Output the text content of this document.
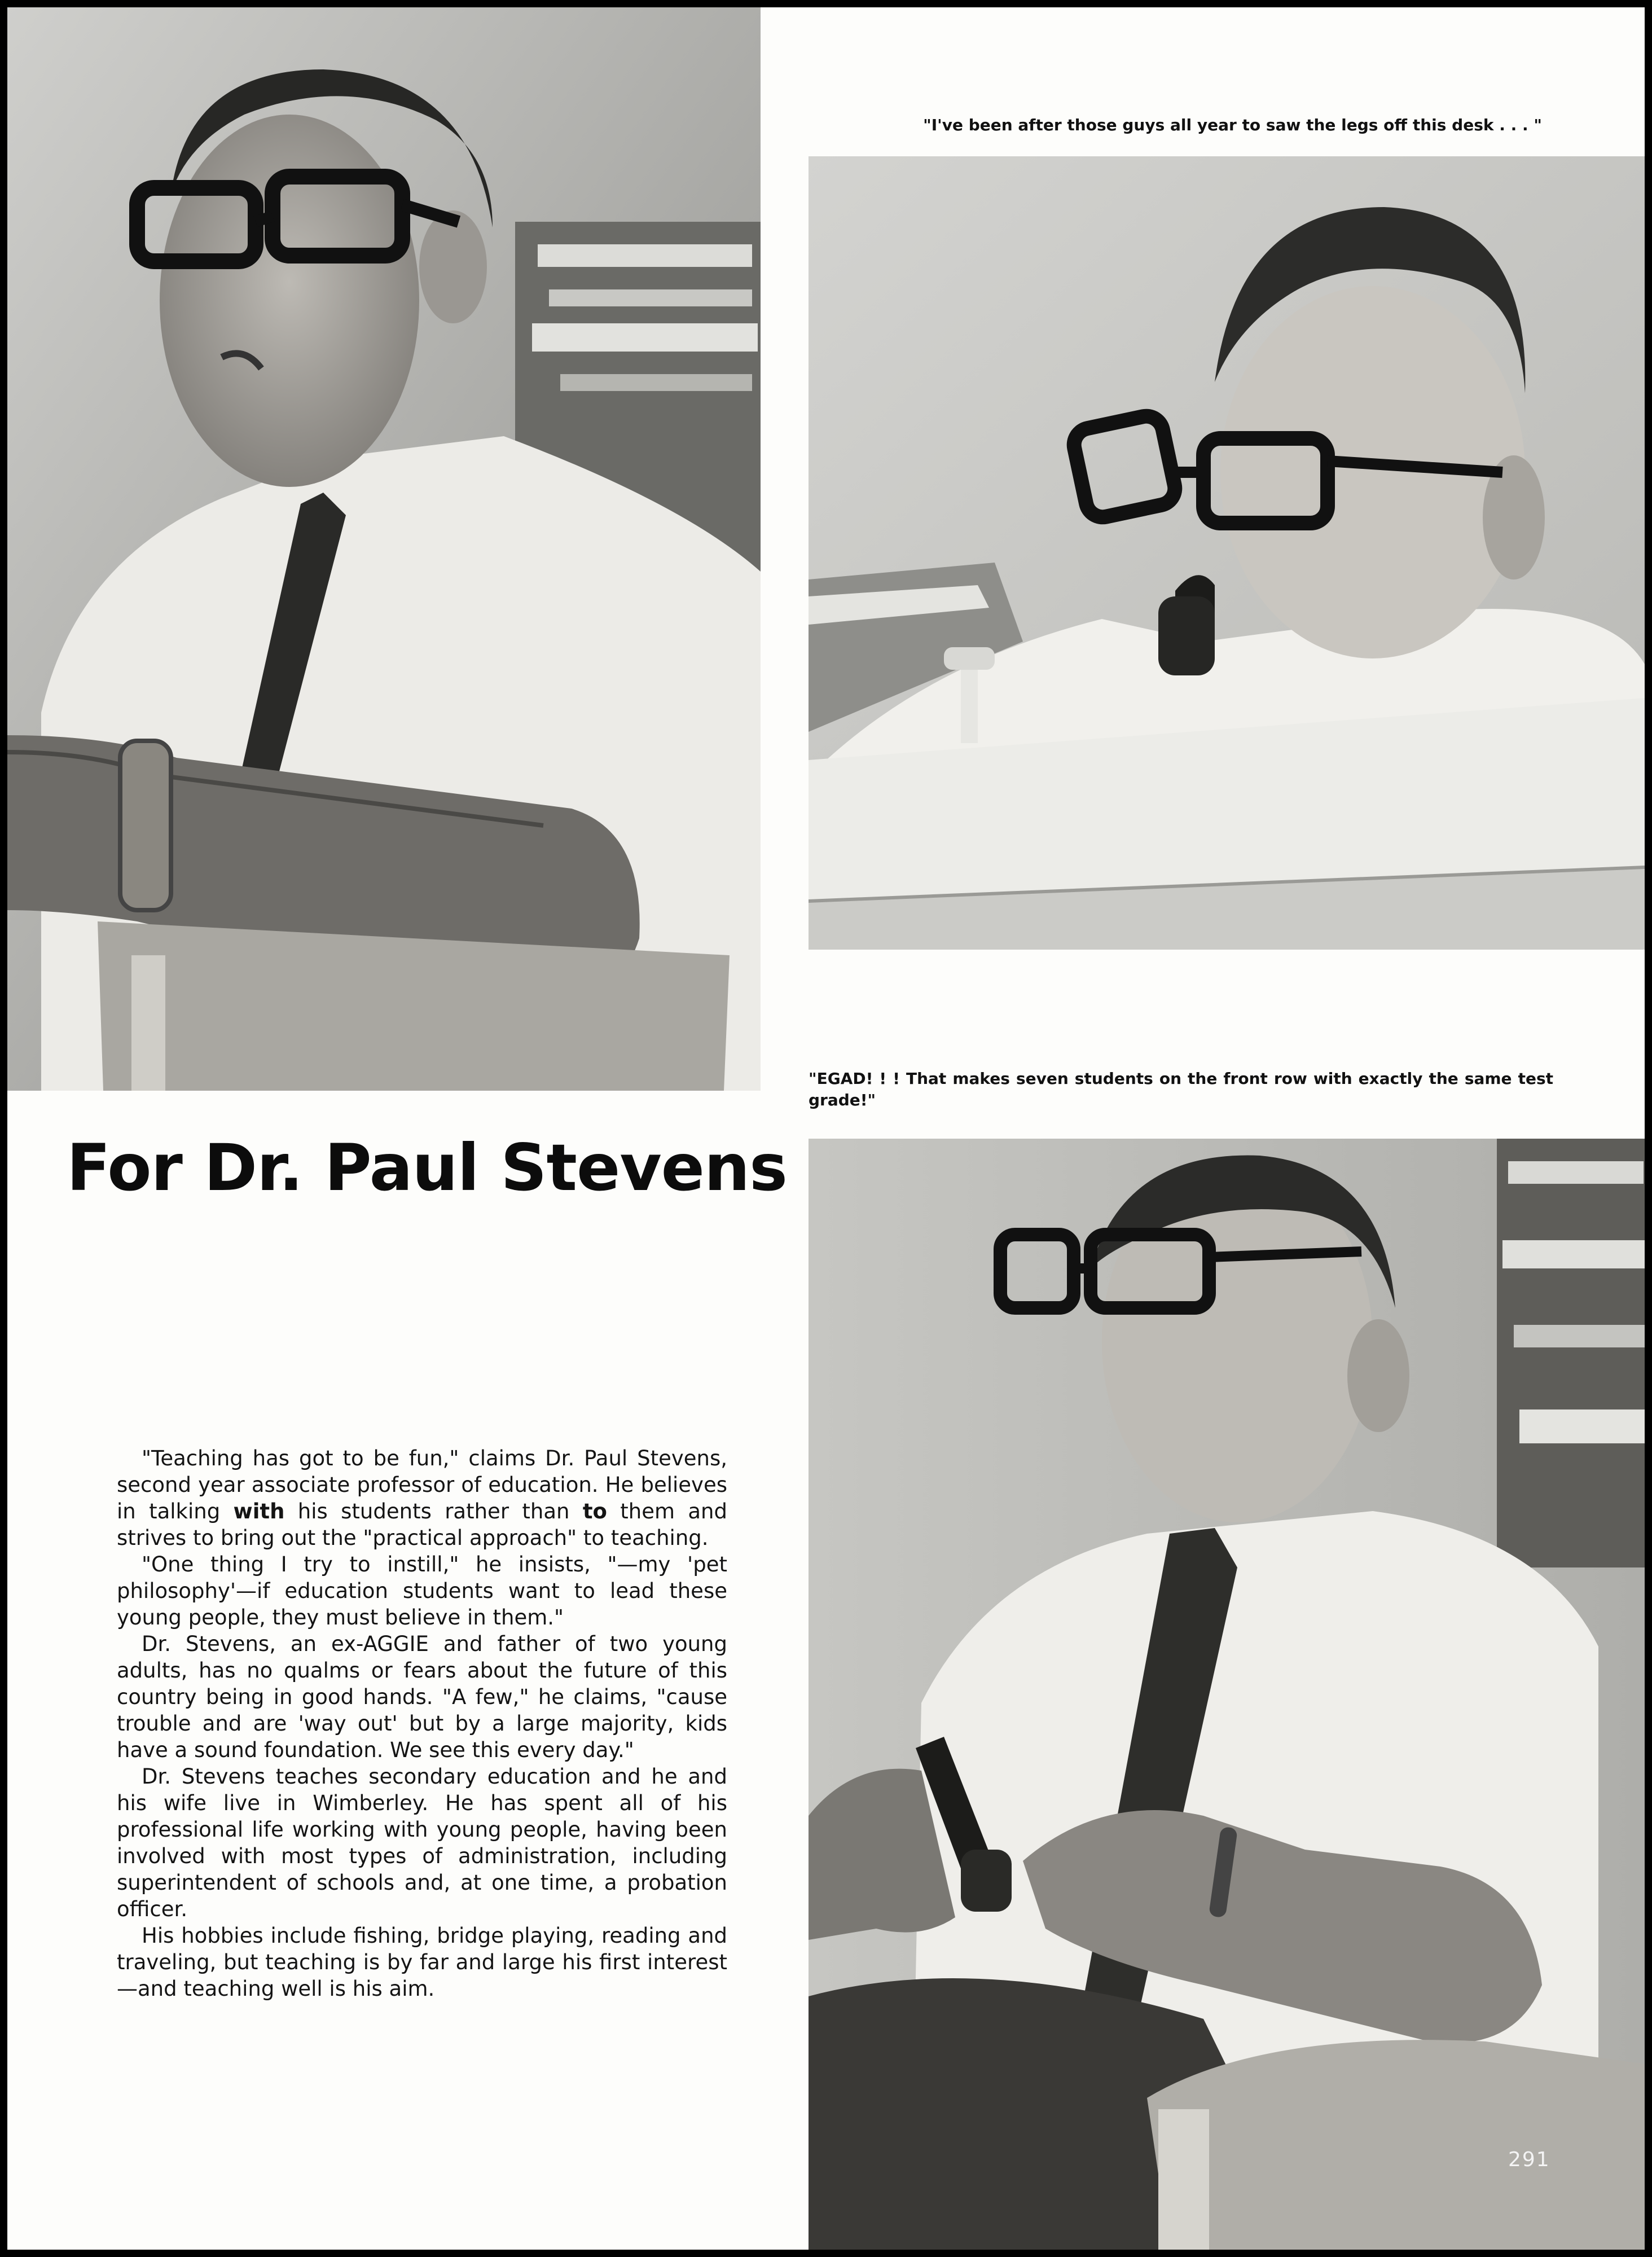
"I've been after those guys all year to saw the legs off this desk . . . "
"EGAD! ! ! That makes seven students on the front row with exactly the same test grade!"
For Dr. Paul Stevens

"Teaching has got to be fun," claims Dr. Paul Stevens, second year associate professor of education. He believes in talking with his students rather than to them and strives to bring out the "practical approach" to teaching.

"One thing I try to instill," he insists, "—my 'pet philosophy'—if education students want to lead these young people, they must believe in them."

Dr. Stevens, an ex-AGGIE and father of two young adults, has no qualms or fears about the future of this country being in good hands. "A few," he claims, "cause trouble and are 'way out' but by a large majority, kids have a sound foundation. We see this every day."

Dr. Stevens teaches secondary education and he and his wife live in Wimberley. He has spent all of his professional life working with young people, having been involved with most types of administration, including superintendent of schools and, at one time, a probation officer.

His hobbies include fishing, bridge playing, reading and traveling, but teaching is by far and large his first interest—and teaching well is his aim.

291
